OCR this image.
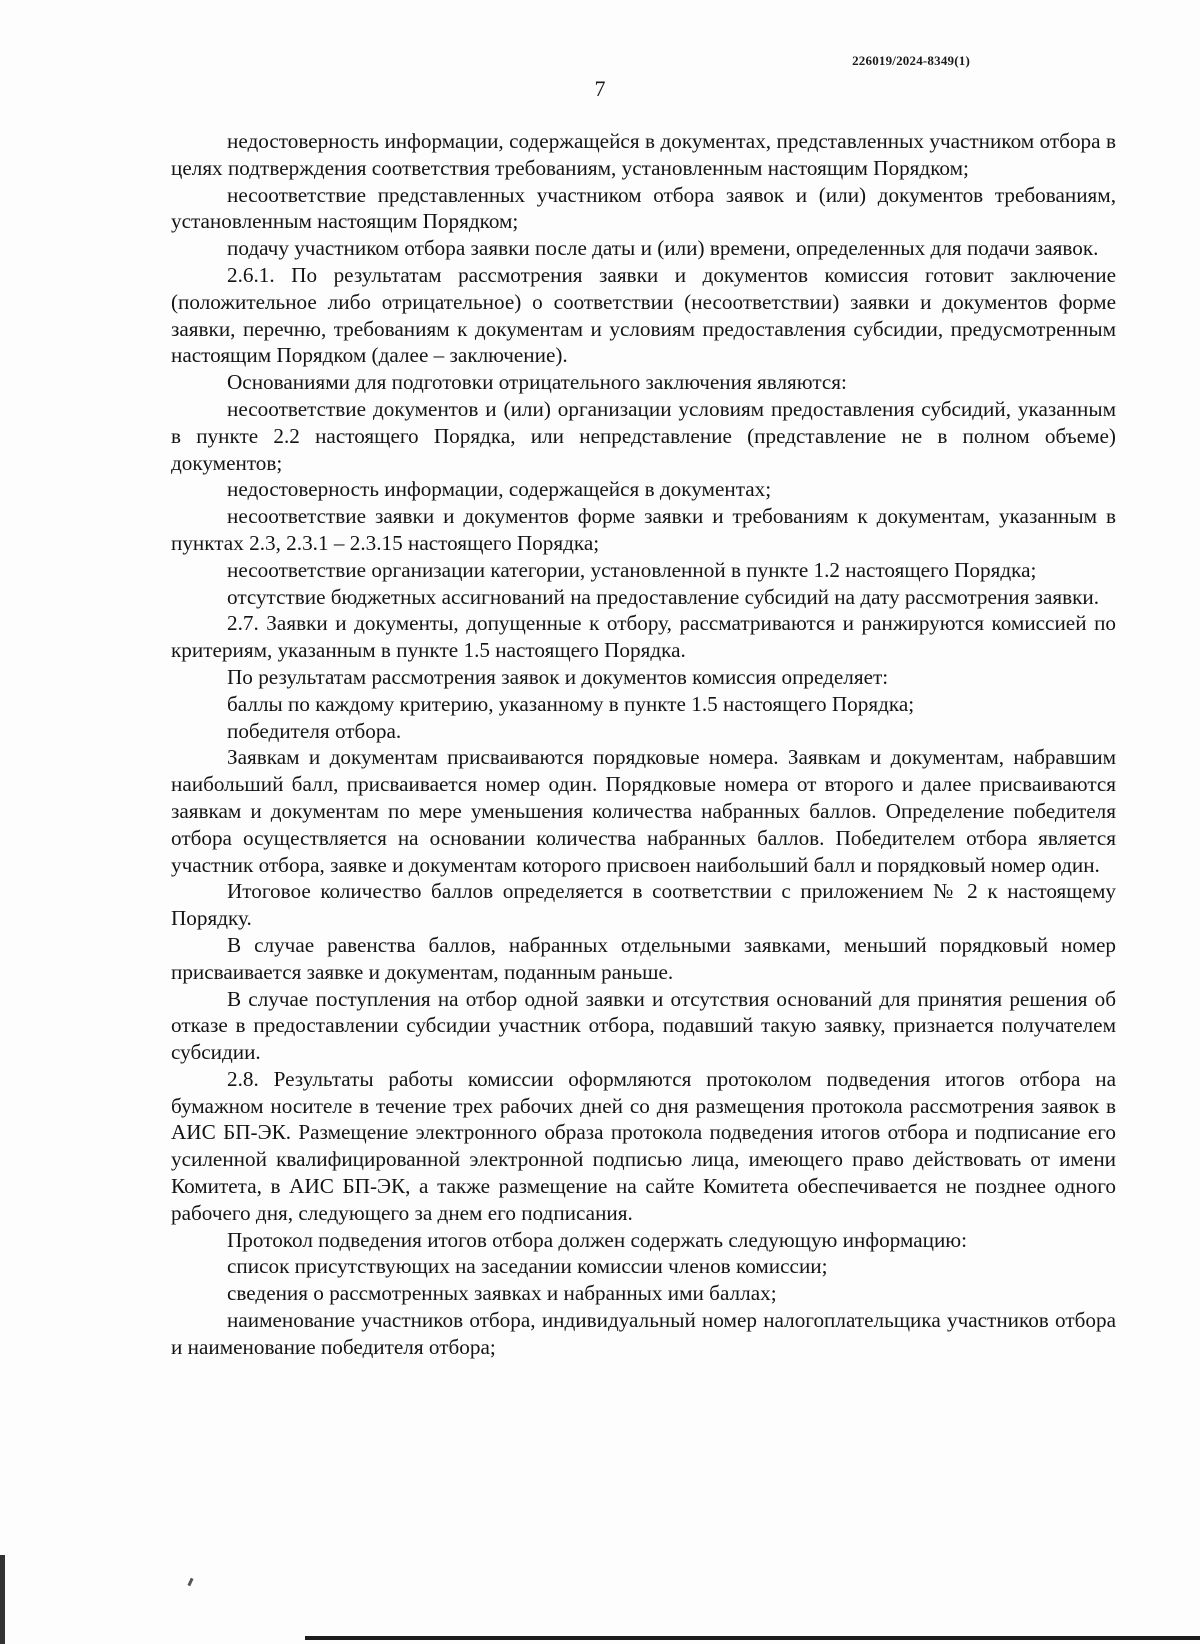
226019/2024-8349(1)
7

недостоверность информации, содержащейся в документах, представленных участником отбора в целях подтверждения соответствия требованиям, установленным настоящим Порядком;

несоответствие представленных участником отбора заявок и (или) документов требованиям, установленным настоящим Порядком;

подачу участником отбора заявки после даты и (или) времени, определенных для подачи заявок.

2.6.1. По результатам рассмотрения заявки и документов комиссия готовит заключение (положительное либо отрицательное) о соответствии (несоответствии) заявки и документов форме заявки, перечню, требованиям к документам и условиям предоставления субсидии, предусмотренным настоящим Порядком (далее – заключение).

Основаниями для подготовки отрицательного заключения являются:

несоответствие документов и (или) организации условиям предоставления субсидий, указанным в пункте 2.2 настоящего Порядка, или непредставление (представление не в полном объеме) документов;

недостоверность информации, содержащейся в документах;

несоответствие заявки и документов форме заявки и требованиям к документам, указанным в пунктах 2.3, 2.3.1 – 2.3.15 настоящего Порядка;

несоответствие организации категории, установленной в пункте 1.2 настоящего Порядка;

отсутствие бюджетных ассигнований на предоставление субсидий на дату рассмотрения заявки.

2.7. Заявки и документы, допущенные к отбору, рассматриваются и ранжируются комиссией по критериям, указанным в пункте 1.5 настоящего Порядка.

По результатам рассмотрения заявок и документов комиссия определяет:

баллы по каждому критерию, указанному в пункте 1.5 настоящего Порядка;

победителя отбора.

Заявкам и документам присваиваются порядковые номера. Заявкам и документам, набравшим наибольший балл, присваивается номер один. Порядковые номера от второго и далее присваиваются заявкам и документам по мере уменьшения количества набранных баллов. Определение победителя отбора осуществляется на основании количества набранных баллов. Победителем отбора является участник отбора, заявке и документам которого присвоен наибольший балл и порядковый номер один.

Итоговое количество баллов определяется в соответствии с приложением № 2 к настоящему Порядку.

В случае равенства баллов, набранных отдельными заявками, меньший порядковый номер присваивается заявке и документам, поданным раньше.

В случае поступления на отбор одной заявки и отсутствия оснований для принятия решения об отказе в предоставлении субсидии участник отбора, подавший такую заявку, признается получателем субсидии.

2.8. Результаты работы комиссии оформляются протоколом подведения итогов отбора на бумажном носителе в течение трех рабочих дней со дня размещения протокола рассмотрения заявок в АИС БП-ЭК. Размещение электронного образа протокола подведения итогов отбора и подписание его усиленной квалифицированной электронной подписью лица, имеющего право действовать от имени Комитета, в АИС БП-ЭК, а также размещение на сайте Комитета обеспечивается не позднее одного рабочего дня, следующего за днем его подписания.

Протокол подведения итогов отбора должен содержать следующую информацию:

список присутствующих на заседании комиссии членов комиссии;

сведения о рассмотренных заявках и набранных ими баллах;

наименование участников отбора, индивидуальный номер налогоплательщика участников отбора и наименование победителя отбора;
